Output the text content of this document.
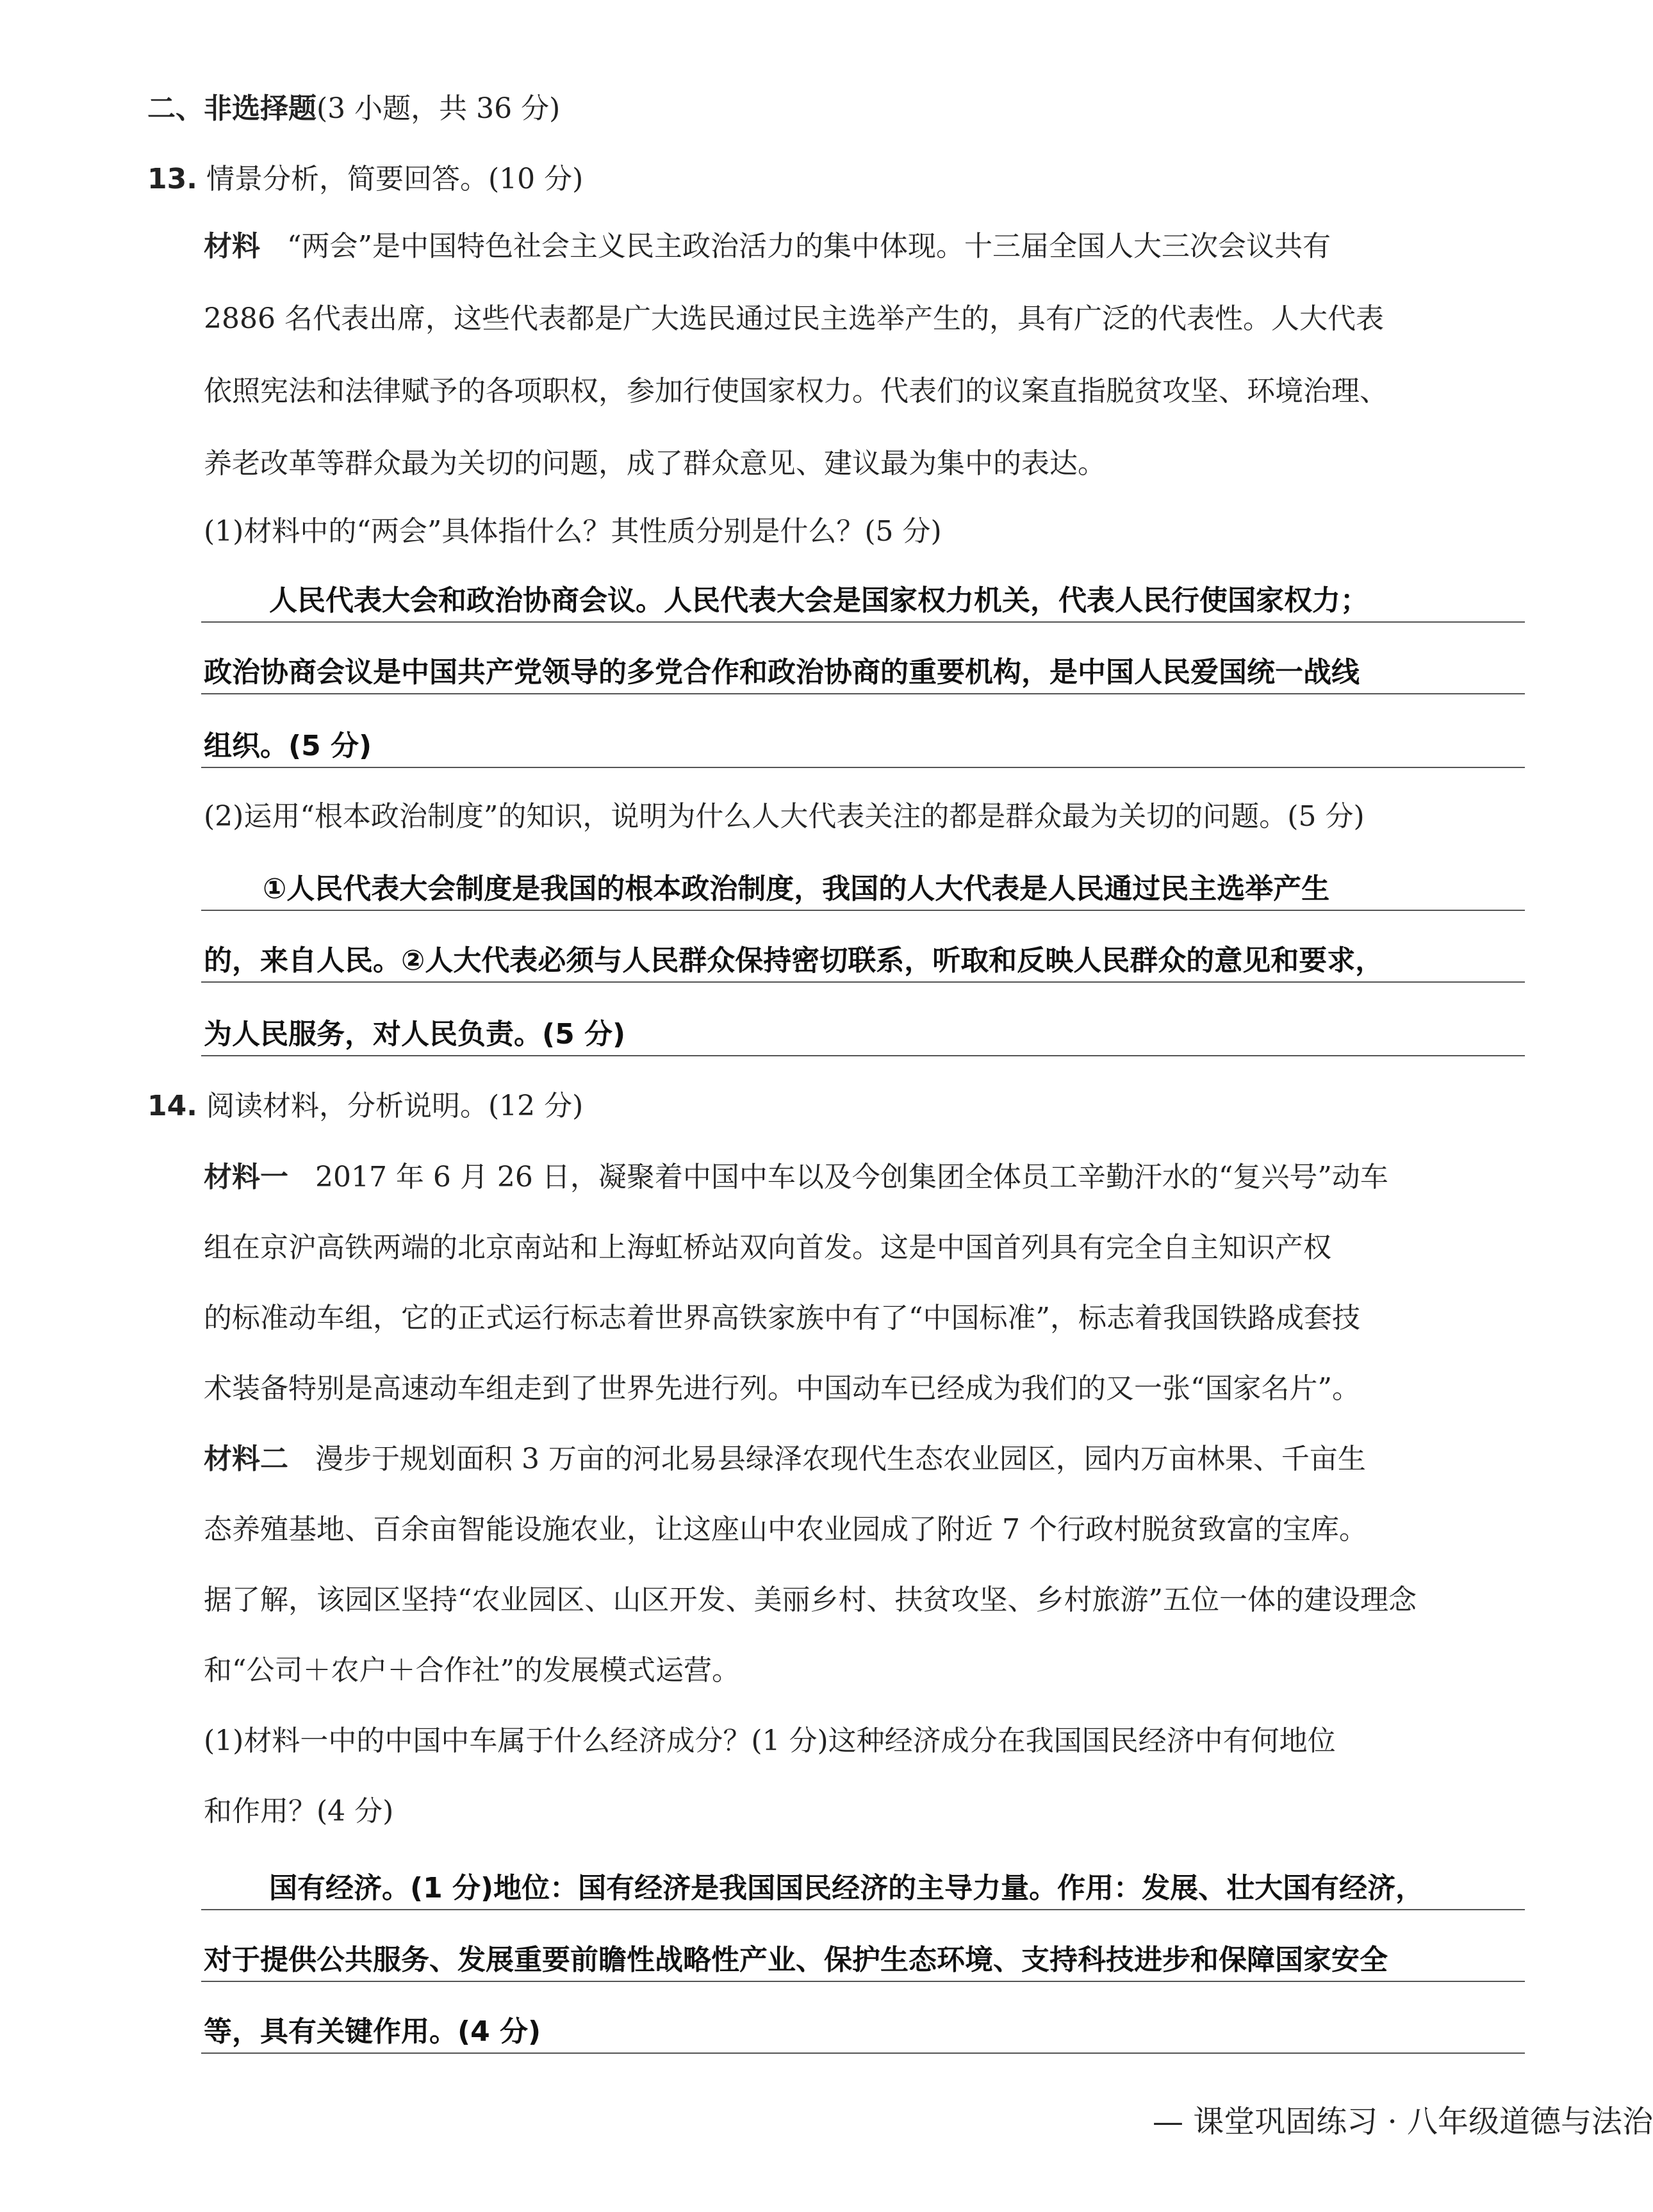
二、非选择题(3 小题，共 36 分)
13. 情景分析，简要回答。(10 分)
材料 “两会”是中国特色社会主义民主政治活力的集中体现。十三届全国人大三次会议共有
2886 名代表出席，这些代表都是广大选民通过民主选举产生的，具有广泛的代表性。人大代表
依照宪法和法律赋予的各项职权，参加行使国家权力。代表们的议案直指脱贫攻坚、环境治理、
养老改革等群众最为关切的问题，成了群众意见、建议最为集中的表达。
(1)材料中的“两会”具体指什么？其性质分别是什么？(5 分)
人民代表大会和政治协商会议。人民代表大会是国家权力机关，代表人民行使国家权力；
政治协商会议是中国共产党领导的多党合作和政治协商的重要机构，是中国人民爱国统一战线
组织。(5 分)
(2)运用“根本政治制度”的知识，说明为什么人大代表关注的都是群众最为关切的问题。(5 分)
①人民代表大会制度是我国的根本政治制度，我国的人大代表是人民通过民主选举产生
的，来自人民。②人大代表必须与人民群众保持密切联系，听取和反映人民群众的意见和要求，
为人民服务，对人民负责。(5 分)
14. 阅读材料，分析说明。(12 分)
材料一 2017 年 6 月 26 日，凝聚着中国中车以及今创集团全体员工辛勤汗水的“复兴号”动车
组在京沪高铁两端的北京南站和上海虹桥站双向首发。这是中国首列具有完全自主知识产权
的标准动车组，它的正式运行标志着世界高铁家族中有了“中国标准”，标志着我国铁路成套技
术装备特别是高速动车组走到了世界先进行列。中国动车已经成为我们的又一张“国家名片”。
材料二 漫步于规划面积 3 万亩的河北易县绿泽农现代生态农业园区，园内万亩林果、千亩生
态养殖基地、百余亩智能设施农业，让这座山中农业园成了附近 7 个行政村脱贫致富的宝库。
据了解，该园区坚持“农业园区、山区开发、美丽乡村、扶贫攻坚、乡村旅游”五位一体的建设理念
和“公司＋农户＋合作社”的发展模式运营。
(1)材料一中的中国中车属于什么经济成分？(1 分)这种经济成分在我国国民经济中有何地位
和作用？(4 分)
国有经济。(1 分)地位：国有经济是我国国民经济的主导力量。作用：发展、壮大国有经济，
对于提供公共服务、发展重要前瞻性战略性产业、保护生态环境、支持科技进步和保障国家安全
等，具有关键作用。(4 分)
— 课堂巩固练习 · 八年级道德与法治
